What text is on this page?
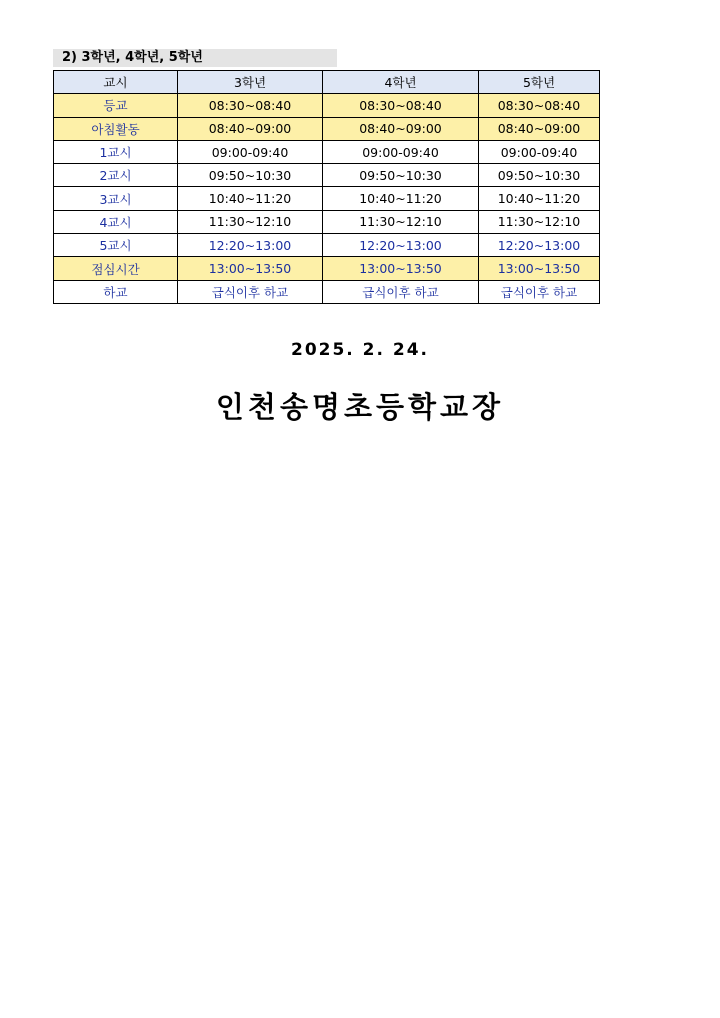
2) 3학년, 4학년, 5학년
교시	3학년	4학년	5학년
등교	08:30~08:40	08:30~08:40	08:30~08:40
아침활동	08:40~09:00	08:40~09:00	08:40~09:00
1교시	09:00-09:40	09:00-09:40	09:00-09:40
2교시	09:50~10:30	09:50~10:30	09:50~10:30
3교시	10:40~11:20	10:40~11:20	10:40~11:20
4교시	11:30~12:10	11:30~12:10	11:30~12:10
5교시	12:20~13:00	12:20~13:00	12:20~13:00
점심시간	13:00~13:50	13:00~13:50	13:00~13:50
하교	급식이후 하교	급식이후 하교	급식이후 하교
2025. 2. 24.
인천송명초등학교장
